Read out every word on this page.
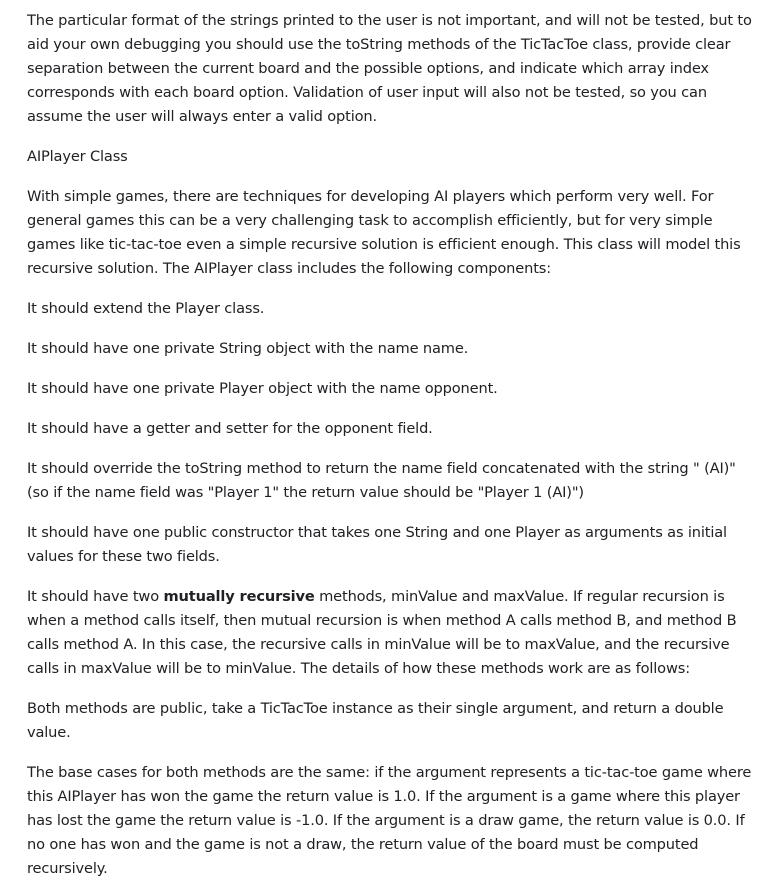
The particular format of the strings printed to the user is not important, and will not be tested, but to aid your own debugging you should use the toString methods of the TicTacToe class, provide clear separation between the current board and the possible options, and indicate which array index corresponds with each board option. Validation of user input will also not be tested, so you can assume the user will always enter a valid option.

AIPlayer Class

With simple games, there are techniques for developing AI players which perform very well. For general games this can be a very challenging task to accomplish efficiently, but for very simple games like tic-tac-toe even a simple recursive solution is efficient enough. This class will model this recursive solution. The AIPlayer class includes the following components:

It should extend the Player class.

It should have one private String object with the name name.

It should have one private Player object with the name opponent.

It should have a getter and setter for the opponent field.

It should override the toString method to return the name field concatenated with the string " (AI)" (so if the name field was "Player 1" the return value should be "Player 1 (AI)")

It should have one public constructor that takes one String and one Player as arguments as initial values for these two fields.

It should have two mutually recursive methods, minValue and maxValue. If regular recursion is when a method calls itself, then mutual recursion is when method A calls method B, and method B calls method A. In this case, the recursive calls in minValue will be to maxValue, and the recursive calls in maxValue will be to minValue. The details of how these methods work are as follows:

Both methods are public, take a TicTacToe instance as their single argument, and return a double value.

The base cases for both methods are the same: if the argument represents a tic-tac-toe game where this AIPlayer has won the game the return value is 1.0. If the argument is a game where this player has lost the game the return value is -1.0. If the argument is a draw game, the return value is 0.0. If no one has won and the game is not a draw, the return value of the board must be computed recursively.
